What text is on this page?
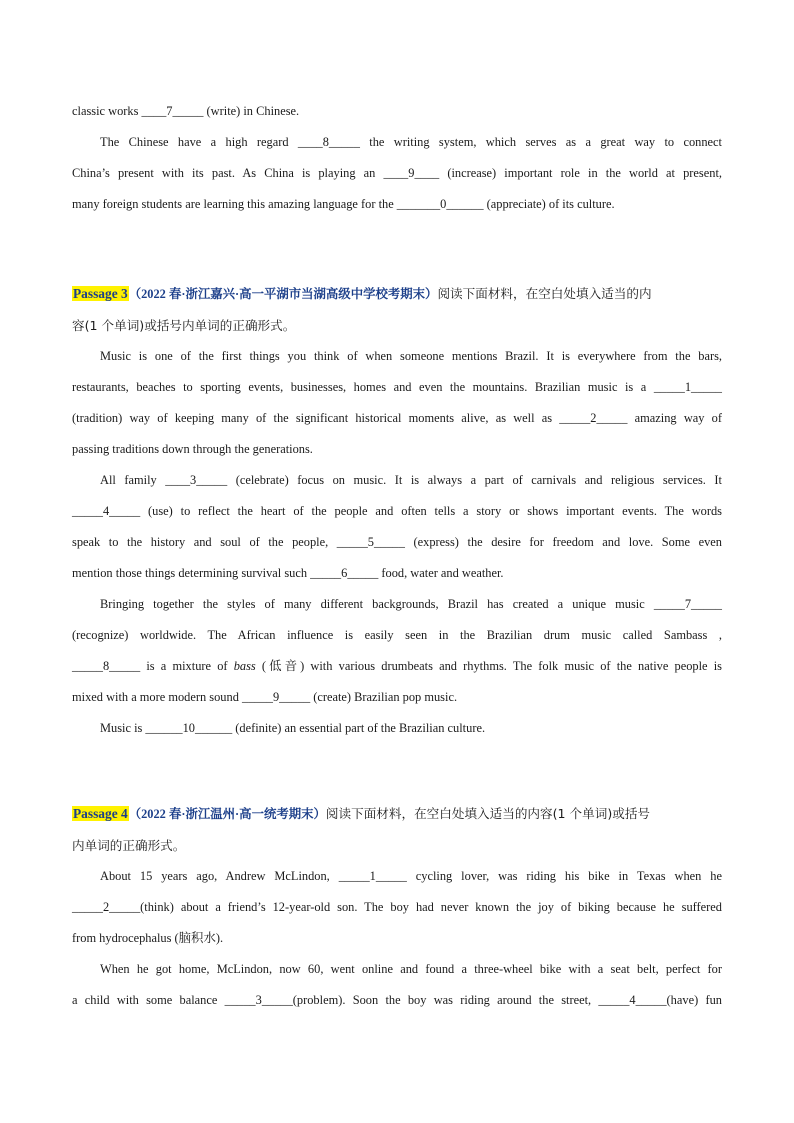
classic works ____7_____ (write) in Chinese.

The Chinese have a high regard ____8_____ the writing system, which serves as a great way to connect

China’s present with its past. As China is playing an ____9____ (increase) important role in the world at present,

many foreign students are learning this amazing language for the _______0______ (appreciate) of its culture.

Passage 3（2022 春·浙江嘉兴·高一平湖市当湖高级中学校考期末）阅读下面材料，在空白处填入适当的内

容(1 个单词)或括号内单词的正确形式。

Music is one of the first things you think of when someone mentions Brazil. It is everywhere from the bars,

restaurants, beaches to sporting events, businesses, homes and even the mountains. Brazilian music is a _____1_____

(tradition) way of keeping many of the significant historical moments alive, as well as _____2_____ amazing way of

passing traditions down through the generations.

All family ____3_____ (celebrate) focus on music. It is always a part of carnivals and religious services. It

_____4_____ (use) to reflect the heart of the people and often tells a story or shows important events. The words

speak to the history and soul of the people, _____5_____ (express) the desire for freedom and love. Some even

mention those things determining survival such _____6_____ food, water and weather.

Bringing together the styles of many different backgrounds, Brazil has created a unique music _____7_____

(recognize) worldwide. The African influence is easily seen in the Brazilian drum music called Sambass ,

_____8_____ is a mixture of bass (低音) with various drumbeats and rhythms. The folk music of the native people is

mixed with a more modern sound _____9_____ (create) Brazilian pop music.

Music is ______10______ (definite) an essential part of the Brazilian culture.

Passage 4（2022 春·浙江温州·高一统考期末）阅读下面材料，在空白处填入适当的内容(1 个单词)或括号

内单词的正确形式。

About 15 years ago, Andrew McLindon, _____1_____ cycling lover, was riding his bike in Texas when he

_____2_____(think) about a friend’s 12-year-old son. The boy had never known the joy of biking because he suffered

from hydrocephalus (脑积水).

When he got home, McLindon, now 60, went online and found a three-wheel bike with a seat belt, perfect for

a child with some balance _____3_____(problem). Soon the boy was riding around the street, _____4_____(have) fun
